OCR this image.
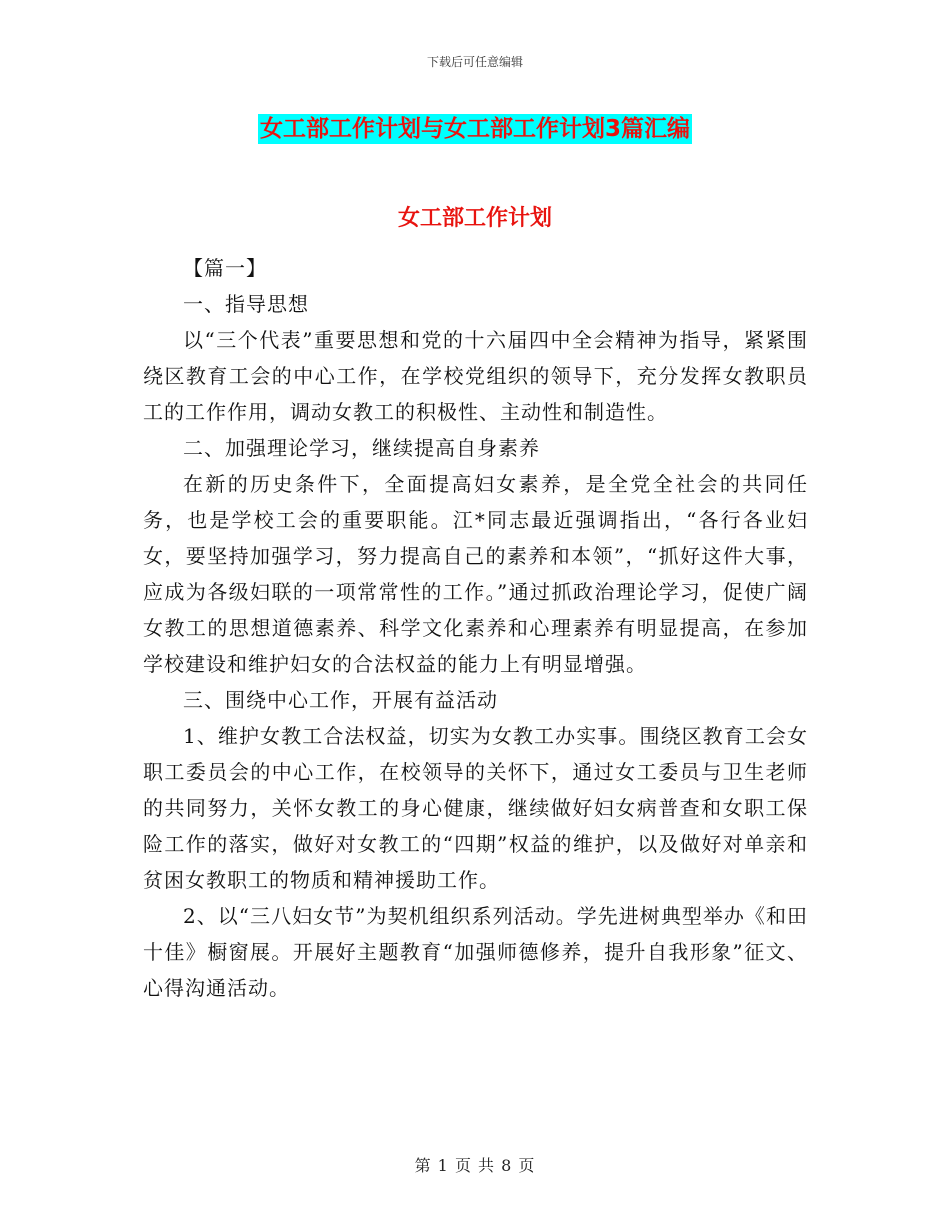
下载后可任意编辑
女工部工作计划与女工部工作计划3篇汇编
女工部工作计划

【篇一】

一、指导思想

以“三个代表”重要思想和党的十六届四中全会精神为指导，紧紧围绕区教育工会的中心工作，在学校党组织的领导下，充分发挥女教职员工的工作作用，调动女教工的积极性、主动性和制造性。

二、加强理论学习，继续提高自身素养

在新的历史条件下，全面提高妇女素养，是全党全社会的共同任务，也是学校工会的重要职能。江*同志最近强调指出，“各行各业妇女，要坚持加强学习，努力提高自己的素养和本领”，“抓好这件大事，应成为各级妇联的一项常常性的工作。”通过抓政治理论学习，促使广阔女教工的思想道德素养、科学文化素养和心理素养有明显提高，在参加学校建设和维护妇女的合法权益的能力上有明显增强。

三、围绕中心工作，开展有益活动

1、维护女教工合法权益，切实为女教工办实事。围绕区教育工会女职工委员会的中心工作，在校领导的关怀下，通过女工委员与卫生老师的共同努力，关怀女教工的身心健康，继续做好妇女病普查和女职工保险工作的落实，做好对女教工的“四期”权益的维护，以及做好对单亲和贫困女教职工的物质和精神援助工作。

2、以“三八妇女节”为契机组织系列活动。学先进树典型举办《和田十佳》橱窗展。开展好主题教育“加强师德修养，提升自我形象”征文、心得沟通活动。

第 1 页 共 8 页
